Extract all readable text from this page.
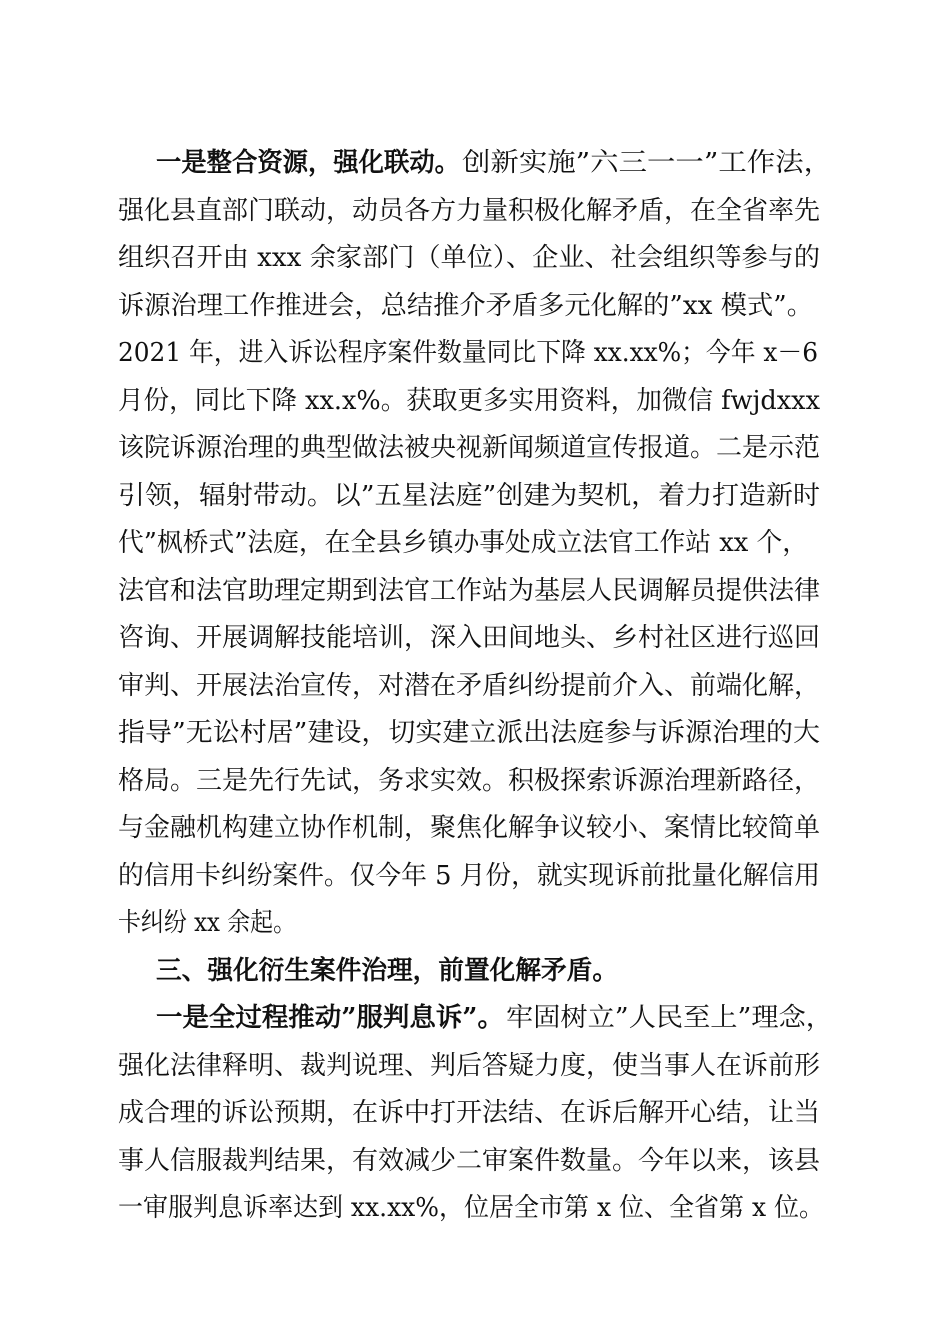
一是整合资源，强化联动。
创新实施”六三一一”工作法，
强化县直部门联动，动员各方力量积极化解矛盾，在全省率先
组织召开由 xxx 余家部门（单位）、企业、社会组织等参与的
诉源治理工作推进会，总结推介矛盾多元化解的”xx 模式”。
2021 年，进入诉讼程序案件数量同比下降 xx.xx%；今年 x－6
月份，同比下降 xx.x%。获取更多实用资料，加微信 fwjdxxx
该院诉源治理的典型做法被央视新闻频道宣传报道。二是示范
引领，辐射带动。以”五星法庭”创建为契机，着力打造新时
代”枫桥式”法庭，在全县乡镇办事处成立法官工作站 xx 个，
法官和法官助理定期到法官工作站为基层人民调解员提供法律
咨询、开展调解技能培训，深入田间地头、乡村社区进行巡回
审判、开展法治宣传，对潜在矛盾纠纷提前介入、前端化解，
指导”无讼村居”建设，切实建立派出法庭参与诉源治理的大
格局。三是先行先试，务求实效。积极探索诉源治理新路径，
与金融机构建立协作机制，聚焦化解争议较小、案情比较简单
的信用卡纠纷案件。仅今年 5 月份，就实现诉前批量化解信用
卡纠纷 xx 余起。
三、强化衍生案件治理，前置化解矛盾。
一是全过程推动”服判息诉”。 牢固树立”人民至上”理念，
强化法律释明、裁判说理、判后答疑力度，使当事人在诉前形
成合理的诉讼预期，在诉中打开法结、在诉后解开心结，让当
事人信服裁判结果，有效减少二审案件数量。今年以来，该县
一审服判息诉率达到 xx.xx%，位居全市第 x 位、全省第 x 位。
